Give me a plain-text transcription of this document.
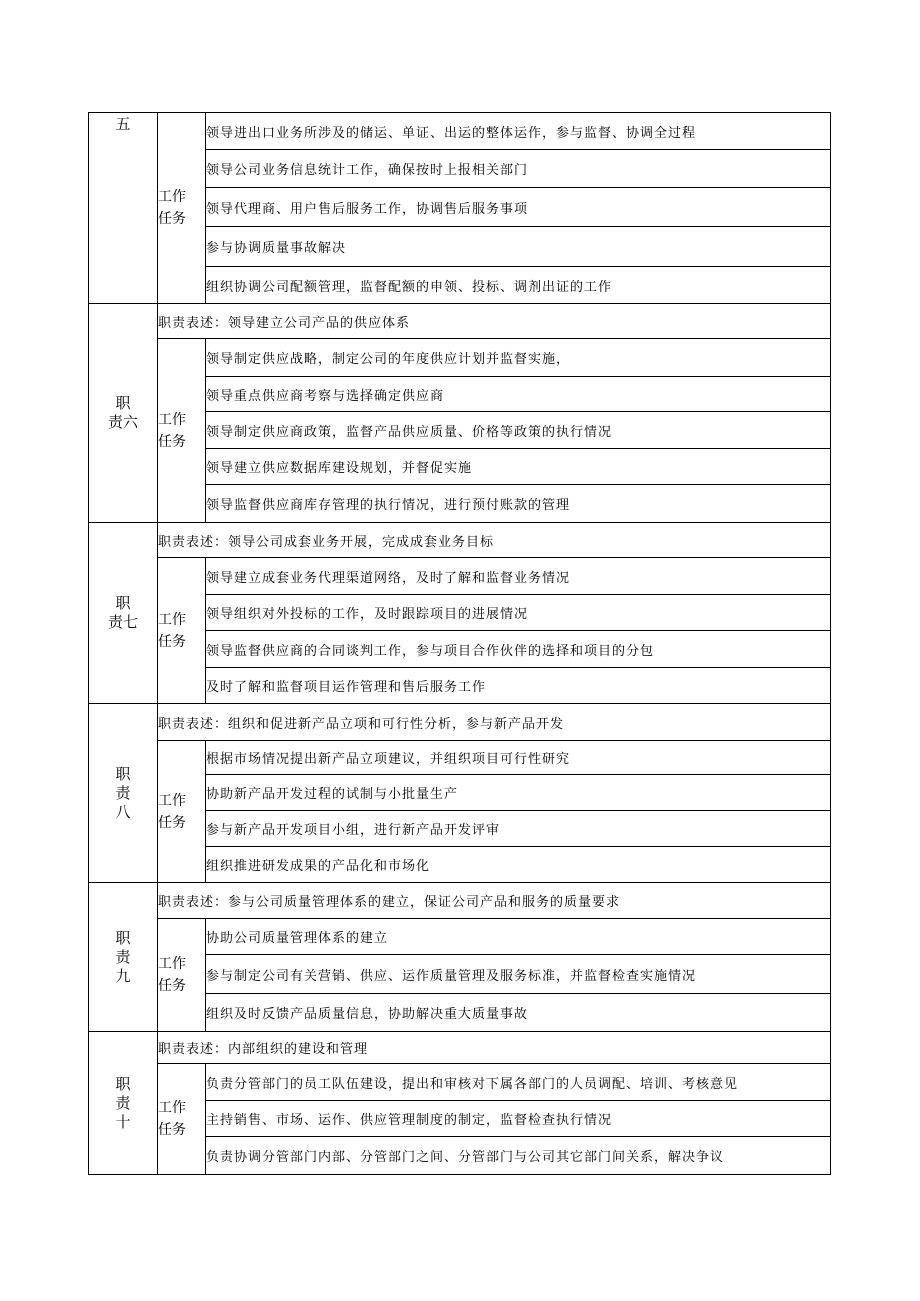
五	工作
任务	领导进出口业务所涉及的储运、单证、出运的整体运作，参与监督、协调全过程
		领导公司业务信息统计工作，确保按时上报相关部门
		领导代理商、用户售后服务工作，协调售后服务事项
		参与协调质量事故解决
		组织协调公司配额管理，监督配额的申领、投标、调剂出证的工作

职
责六	职责表述：领导建立公司产品的供应体系	

	工作
任务	领导制定供应战略，制定公司的年度供应计划并监督实施，
		领导重点供应商考察与选择确定供应商
		领导制定供应商政策，监督产品供应质量、价格等政策的执行情况
		领导建立供应数据库建设规划，并督促实施
		领导监督供应商库存管理的执行情况，进行预付账款的管理

职
责七	职责表述：领导公司成套业务开展，完成成套业务目标	

	工作
任务	领导建立成套业务代理渠道网络，及时了解和监督业务情况
		领导组织对外投标的工作，及时跟踪项目的进展情况
		领导监督供应商的合同谈判工作，参与项目合作伙伴的选择和项目的分包
		及时了解和监督项目运作管理和售后服务工作

职
责
八	职责表述：组织和促进新产品立项和可行性分析，参与新产品开发	

	工作
任务	根据市场情况提出新产品立项建议，并组织项目可行性研究
		协助新产品开发过程的试制与小批量生产
		参与新产品开发项目小组，进行新产品开发评审
		组织推进研发成果的产品化和市场化

职
责
九	职责表述：参与公司质量管理体系的建立，保证公司产品和服务的质量要求	

	工作
任务	协助公司质量管理体系的建立
		参与制定公司有关营销、供应、运作质量管理及服务标准，并监督检查实施情况
		组织及时反馈产品质量信息，协助解决重大质量事故

职
责
十	职责表述：内部组织的建设和管理	

	工作
任务	负责分管部门的员工队伍建设，提出和审核对下属各部门的人员调配、培训、考核意见
		主持销售、市场、运作、供应管理制度的制定，监督检查执行情况
		负责协调分管部门内部、分管部门之间、分管部门与公司其它部门间关系，解决争议
